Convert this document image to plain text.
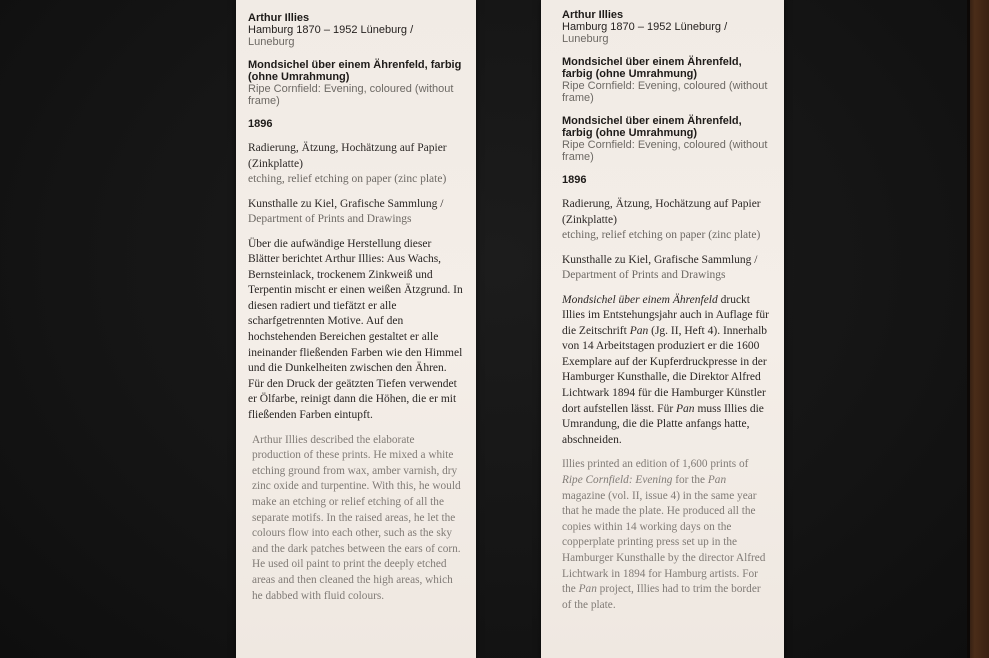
Arthur Illies
Hamburg 1870 – 1952 Lüneburg /
Luneburg
Mondsichel über einem Ährenfeld, farbig (ohne Umrahmung)
Ripe Cornfield: Evening, coloured (without frame)
1896
Radierung, Ätzung, Hochätzung auf Papier (Zinkplatte)
etching, relief etching on paper (zinc plate)
Kunsthalle zu Kiel, Grafische Sammlung /
Department of Prints and Drawings
Über die aufwändige Herstellung dieser Blätter berichtet Arthur Illies: Aus Wachs, Bernsteinlack, trockenem Zinkweiß und Terpentin mischt er einen weißen Ätzgrund. In diesen radiert und tiefätzt er alle scharfgetrennten Motive. Auf den hochstehenden Bereichen gestaltet er alle ineinander fließenden Farben wie den Himmel und die Dunkelheiten zwischen den Ähren. Für den Druck der geätzten Tiefen verwendet er Ölfarbe, reinigt dann die Höhen, die er mit fließenden Farben eintupft.
Arthur Illies described the elaborate production of these prints. He mixed a white etching ground from wax, amber varnish, dry zinc oxide and turpentine. With this, he would make an etching or relief etching of all the separate motifs. In the raised areas, he let the colours flow into each other, such as the sky and the dark patches between the ears of corn. He used oil paint to print the deeply etched areas and then cleaned the high areas, which he dabbed with fluid colours.
Arthur Illies
Hamburg 1870 – 1952 Lüneburg /
Luneburg
Mondsichel über einem Ährenfeld, farbig (ohne Umrahmung)
Ripe Cornfield: Evening, coloured (without frame)
Mondsichel über einem Ährenfeld, farbig (ohne Umrahmung)
Ripe Cornfield: Evening, coloured (without frame)
1896
Radierung, Ätzung, Hochätzung auf Papier (Zinkplatte)
etching, relief etching on paper (zinc plate)
Kunsthalle zu Kiel, Grafische Sammlung /
Department of Prints and Drawings
Mondsichel über einem Ährenfeld druckt Illies im Entstehungsjahr auch in Auflage für die Zeitschrift Pan (Jg. II, Heft 4). Innerhalb von 14 Arbeitstagen produziert er die 1600 Exemplare auf der Kupferdruckpresse in der Hamburger Kunsthalle, die Direktor Alfred Lichtwark 1894 für die Hamburger Künstler dort aufstellen lässt. Für Pan muss Illies die Umrandung, die die Platte anfangs hatte, abschneiden.
Illies printed an edition of 1,600 prints of Ripe Cornfield: Evening for the Pan magazine (vol. II, issue 4) in the same year that he made the plate. He produced all the copies within 14 working days on the copperplate printing press set up in the Hamburger Kunsthalle by the director Alfred Lichtwark in 1894 for Hamburg artists. For the Pan project, Illies had to trim the border of the plate.
